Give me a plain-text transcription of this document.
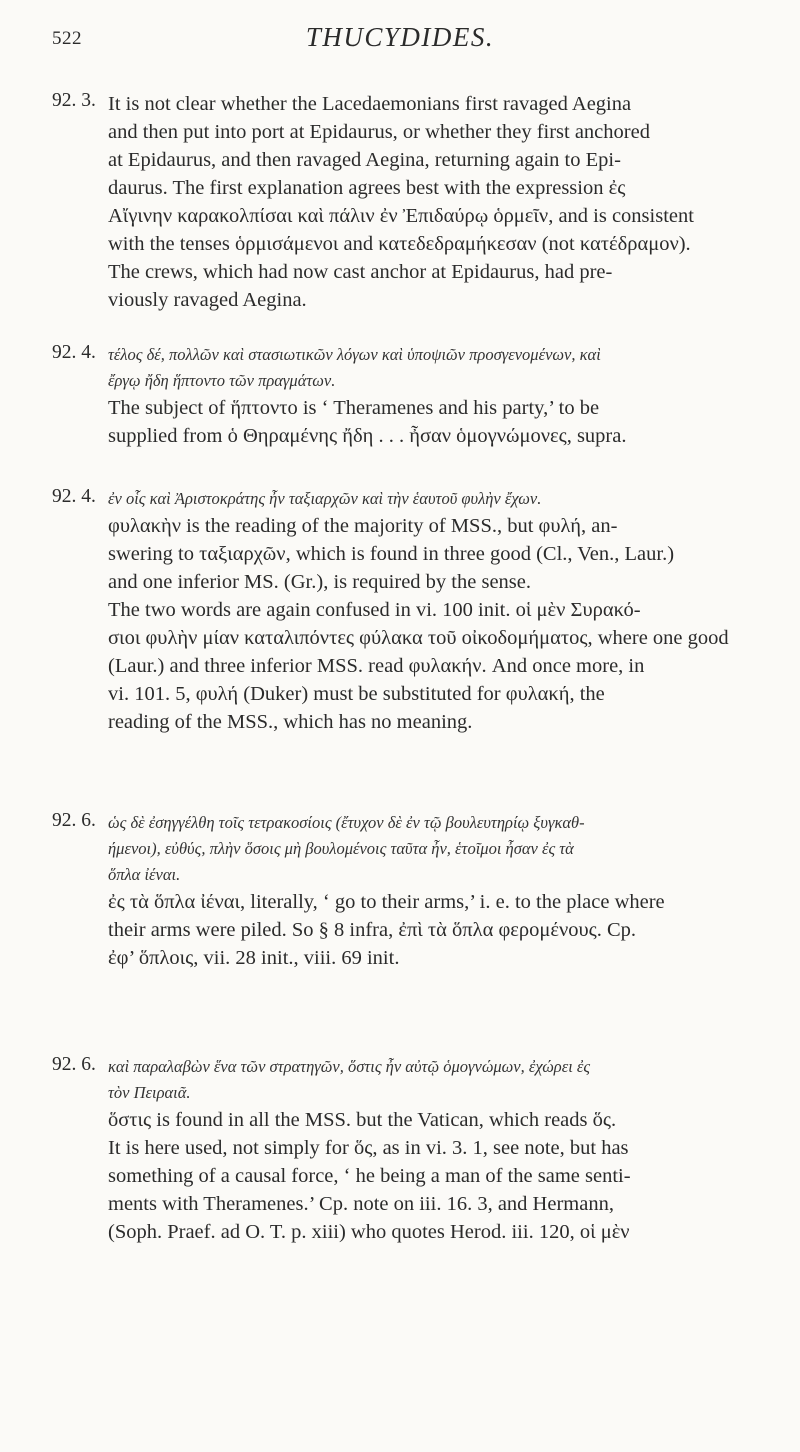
522	THUCYDIDES.
92. 3. It is not clear whether the Lacedaemonians first ravaged Aegina
and then put into port at Epidaurus, or whether they first anchored
at Epidaurus, and then ravaged Aegina, returning again to Epi-
daurus. The first explanation agrees best with the expression ἐς
Αἴγινην καρακολπίσαι καὶ πάλιν ἐν Ἐπιδαύρῳ ὁρμεῖν, and is consistent
with the tenses ὁρμισάμενοι and κατεδεδραμήκεσαν (not κατέδραμον).
The crews, which had now cast anchor at Epidaurus, had pre-
viously ravaged Aegina.
92. 4. τέλος δέ, πολλῶν καὶ στασιωτικῶν λόγων καὶ ὑποψιῶν προσγενομένων, καὶ
ἔργῳ ἤδη ἥπτοντο τῶν πραγμάτων.
The subject of ἥπτοντο is ‘ Theramenes and his party,’ to be
supplied from ὁ Θηραμένης ἤδη . . . ἦσαν ὁμογνώμονες, supra.
92. 4. ἐν οἷς καὶ Ἀριστοκράτης ἦν ταξιαρχῶν καὶ τὴν ἑαυτοῦ φυλὴν ἔχων.
φυλακὴν is the reading of the majority of MSS., but φυλή, an-
swering to ταξιαρχῶν, which is found in three good (Cl., Ven., Laur.)
and one inferior MS. (Gr.), is required by the sense.
The two words are again confused in vi. 100 init. οἱ μὲν Συρακό-
σιοι φυλὴν μίαν καταλιπόντες φύλακα τοῦ οἰκοδομήματος, where one good
(Laur.) and three inferior MSS. read φυλακήν. And once more, in
vi. 101. 5, φυλή (Duker) must be substituted for φυλακή, the
reading of the MSS., which has no meaning.
92. 6. ὡς δὲ ἐσηγγέλθη τοῖς τετρακοσίοις (ἔτυχον δὲ ἐν τῷ βουλευτηρίῳ ξυγκαθ-
ήμενοι), εὐθύς, πλὴν ὅσοις μὴ βουλομένοις ταῦτα ἦν, ἑτοῖμοι ἦσαν ἐς τὰ
ὅπλα ἰέναι.
ἐς τὰ ὅπλα ἰέναι, literally, ‘ go to their arms,’ i. e. to the place where
their arms were piled. So § 8 infra, ἐπὶ τὰ ὅπλα φερομένους. Cp.
ἐφ’ ὅπλοις, vii. 28 init., viii. 69 init.
92. 6. καὶ παραλαβὼν ἕνα τῶν στρατηγῶν, ὅστις ἦν αὐτῷ ὁμογνώμων, ἐχώρει ἐς
τὸν Πειραιᾶ.
ὅστις is found in all the MSS. but the Vatican, which reads ὅς.
It is here used, not simply for ὅς, as in vi. 3. 1, see note, but has
something of a causal force, ‘ he being a man of the same senti-
ments with Theramenes.’ Cp. note on iii. 16. 3, and Hermann,
(Soph. Praef. ad O. T. p. xiii) who quotes Herod. iii. 120, οἱ μὲν
